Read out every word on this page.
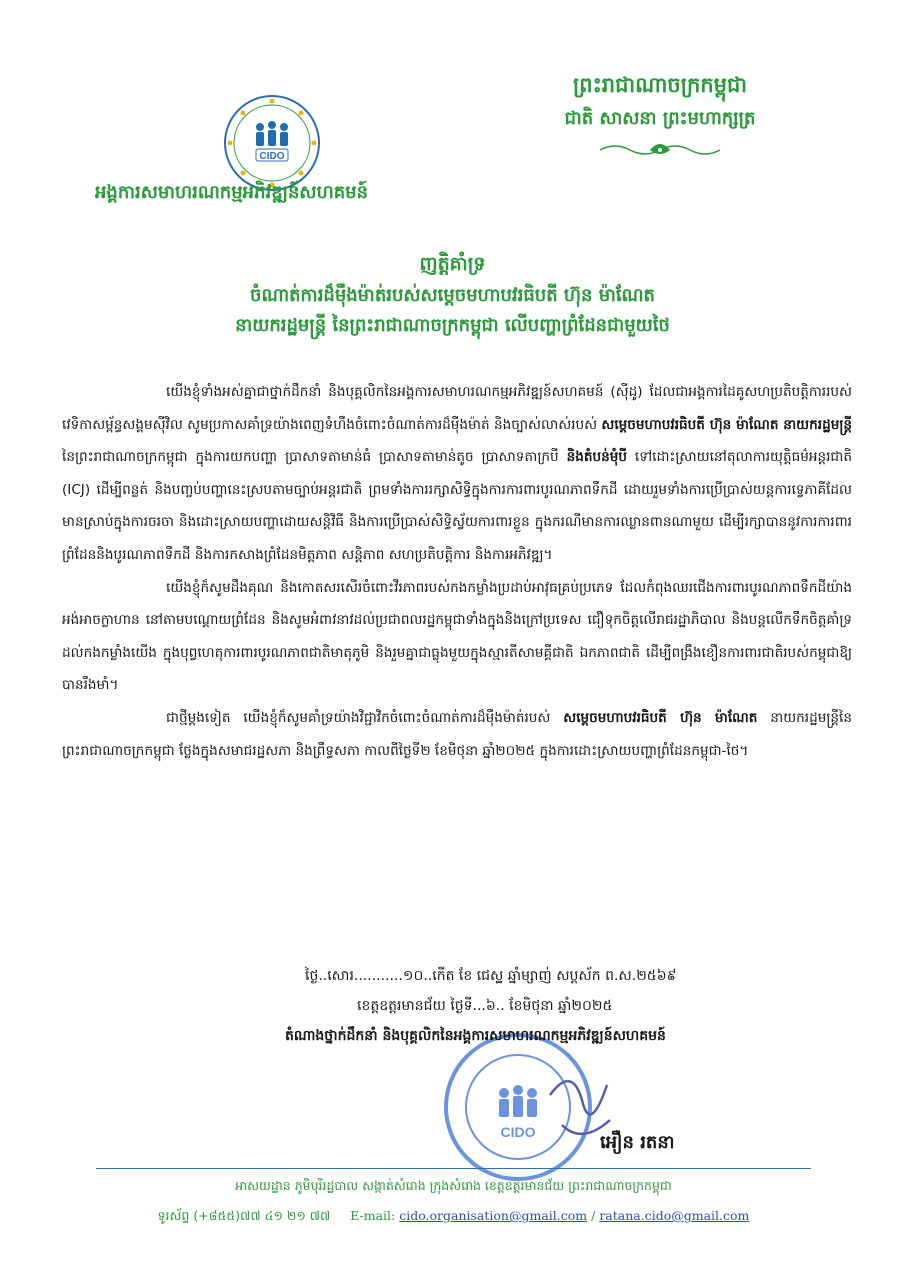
CIDO
អង្គការសមាហរណកម្មអភិវឌ្ឍន៍សហគមន៍
ព្រះរាជាណាចក្រកម្ពុជា
ជាតិ សាសនា ព្រះមហាក្សត្រ
ញត្តិគាំទ្រ
ចំណាត់ការដ៏ម៉ឺងម៉ាត់របស់សម្តេចមហាបវរធិបតី ហ៊ុន ម៉ាណែត
នាយករដ្ឋមន្ត្រី នៃព្រះរាជាណាចក្រកម្ពុជា លើបញ្ហាព្រំដែនជាមួយថៃ

យើងខ្ញុំទាំងអស់គ្នាជាថ្នាក់ដឹកនាំ និងបុគ្គលិកនៃអង្គការសមាហរណកម្មអភិវឌ្ឍន៍សហគមន៍ (ស៊ីដូ) ដែលជាអង្គការដៃគូសហប្រតិបត្តិការរបស់វេទិកាសម្ព័ន្ធសង្គមស៊ីវិល សូមប្រកាសគាំទ្រយ៉ាងពេញទំហឹងចំពោះចំណាត់ការដ៏ម៉ឺងម៉ាត់ និងច្បាស់លាស់របស់ សម្តេចមហាបវរធិបតី ហ៊ុន ម៉ាណែត នាយករដ្ឋមន្ត្រី នៃព្រះរាជាណាចក្រកម្ពុជា ក្នុងការយកបញ្ហា ប្រាសាទតាមាន់ធំ ប្រាសាទតាមាន់តូច ប្រាសាទតាក្របី និងតំបន់មុំបី ទៅដោះស្រាយនៅតុលាការយុត្តិធម៌អន្តរជាតិ (ICJ) ដើម្បីពន្លត់ និងបញ្ចប់បញ្ហានេះស្របតាមច្បាប់អន្តរជាតិ ព្រមទាំងការរក្សាសិទ្ធិក្នុងការការពារបូរណភាពទឹកដី ដោយរួមទាំងការប្រើប្រាស់យន្តការទ្វេភាគីដែលមានស្រាប់ក្នុងការចរចា និងដោះស្រាយបញ្ហាដោយសន្តិវិធី និងការប្រើប្រាស់សិទ្ធិស្វ័យការពារខ្លួន ក្នុងករណីមានការឈ្លានពានណាមួយ ដើម្បីរក្សាបាននូវការការពារព្រំដែននិងបូរណភាពទឹកដី និងការកសាងព្រំដែនមិត្តភាព សន្តិភាព សហប្រតិបត្តិការ និងការអភិវឌ្ឍ។

យើងខ្ញុំក៏សូមដឹងគុណ និងកោតសរសើរចំពោះវីរភាពរបស់កងកម្លាំងប្រដាប់អាវុធគ្រប់ប្រភេទ ដែលកំពុងឈរជើងការពារបូរណភាពទឹកដីយ៉ាងអង់អាចក្លាហាន នៅតាមបណ្តោយព្រំដែន និងសូមអំពាវនាវដល់ប្រជាពលរដ្ឋកម្ពុជាទាំងក្នុងនិងក្រៅប្រទេស ជឿទុកចិត្តលើរាជរដ្ឋាភិបាល និងបន្តលើកទឹកចិត្តគាំទ្រដល់កងកម្លាំងយើង ក្នុងបុព្វហេតុការពារបូរណភាពជាតិមាតុភូមិ និងរួមគ្នាជាធ្លុងមួយក្នុងស្មារតីសាមគ្គីជាតិ ឯកភាពជាតិ ដើម្បីពង្រឹងខឿនការពារជាតិរបស់កម្ពុជាឱ្យបានរឹងមាំ។

ជាថ្មីម្តងទៀត យើងខ្ញុំក៏សូមគាំទ្រយ៉ាងវិជ្ជាវិកចំពោះចំណាត់ការដ៏ម៉ឺងម៉ាត់របស់ សម្តេចមហាបវរធិបតី ហ៊ុន ម៉ាណែត នាយករដ្ឋមន្ត្រីនៃព្រះរាជាណាចក្រកម្ពុជា ថ្លែងក្នុងសមាជរដ្ឋសភា និងព្រឹទ្ធសភា កាលពីថ្ងៃទី២ ខែមិថុនា ឆ្នាំ២០២៥ ក្នុងការដោះស្រាយបញ្ហាព្រំដែនកម្ពុជា-ថៃ។

ថ្ងៃ..សោរ...........១០..កើត ខែ ជេស្ឋ ឆ្នាំម្សាញ់ សប្តស័ក ព.ស.២៥៦៩
ខេត្តឧត្តរមានជ័យ ថ្ងៃទី...៦.. ខែមិថុនា ឆ្នាំ២០២៥
CIDO
តំណាងថ្នាក់ដឹកនាំ និងបុគ្គលិកនៃអង្គការសមាហរណកម្មអភិវឌ្ឍន៍សហគមន៍
អឿន រតនា
អាសយដ្ឋាន ភូមិបុរីរដ្ឋបាល សង្កាត់សំរោង ក្រុងសំរោង ខេត្តឧត្តរមានជ័យ ព្រះរាជាណាចក្រកម្ពុជា
ទូរស័ព្ទ (+៨៥៥)៧៧ ៤១ ២១ ៧៧ E-mail: cido.organisation@gmail.com / ratana.cido@gmail.com
